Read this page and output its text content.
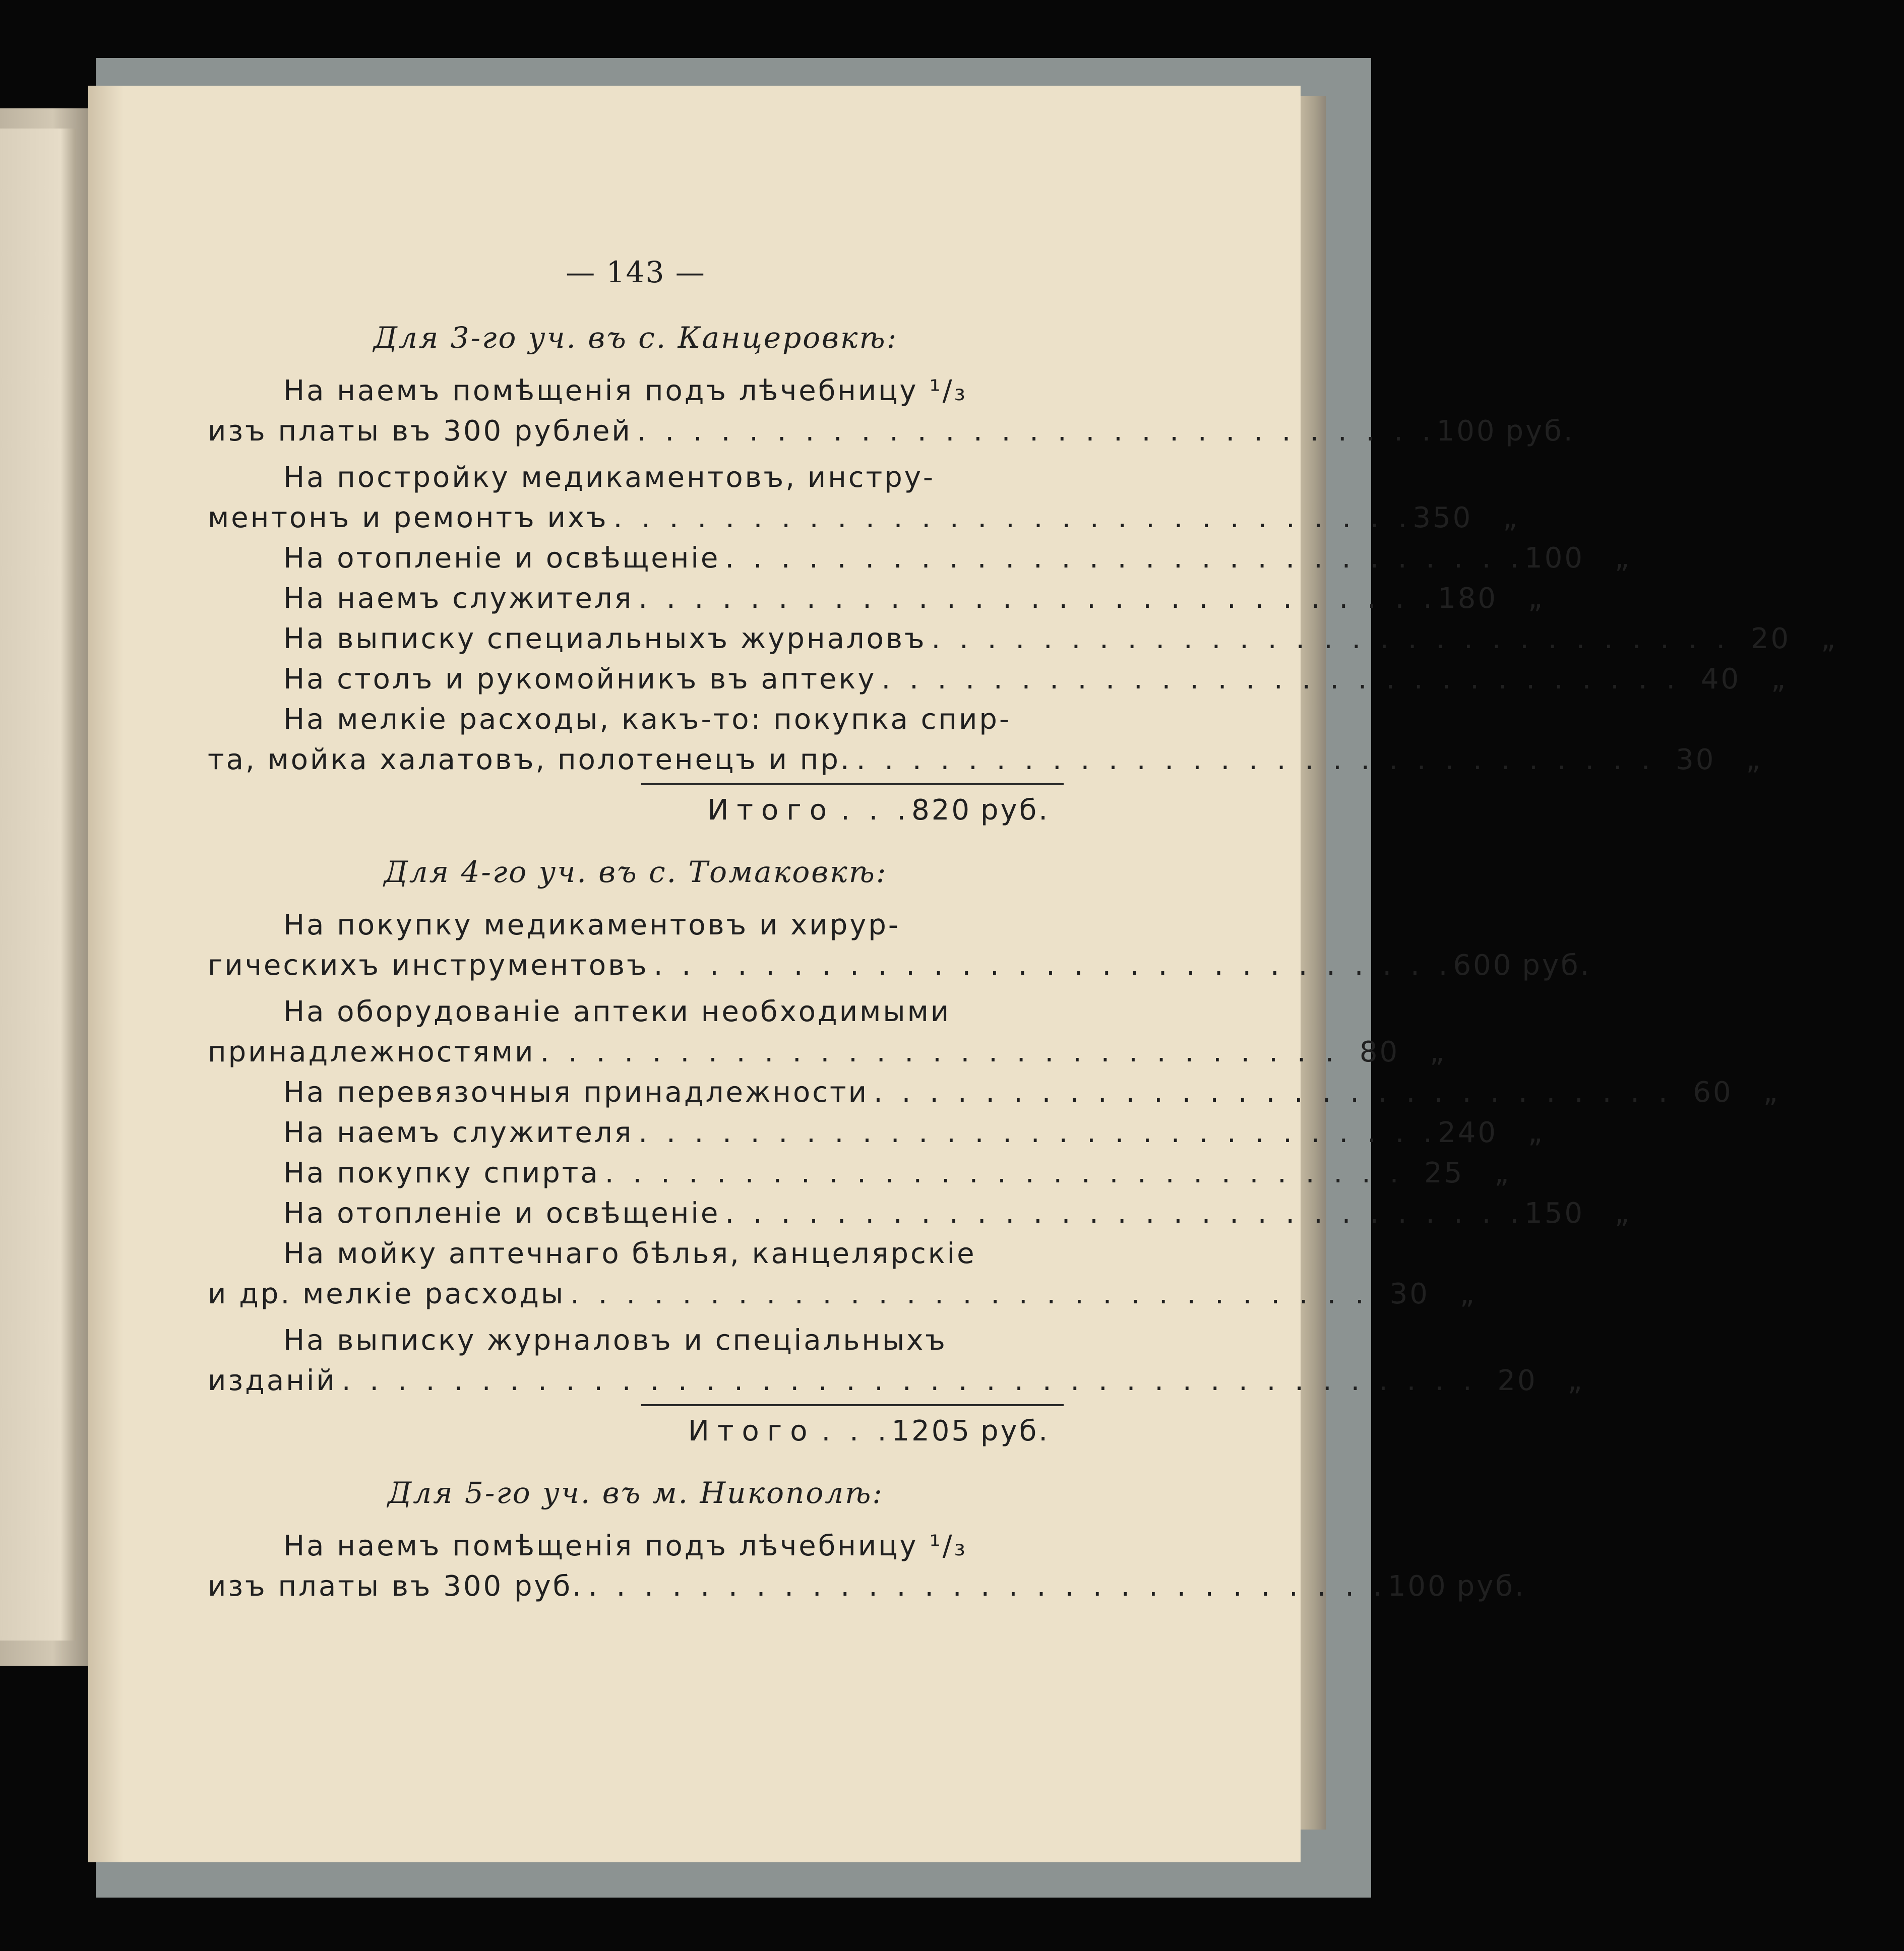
— 143 —
Для 3-го уч. въ с. Канцеровкѣ:
На наемъ помѣщенія подъ лѣчебницу ¹/₃
изъ платы въ 300 рублей . . . . . . . . . . . . . . . . . . . . . . . . . . . . . 100 руб.
На постройку медикаментовъ, инстру-
ментонъ и ремонтъ ихъ . . . . . . . . . . . . . . . . . . . . . . . . . . . . . 350	„
На отопленіе и освѣщеніе . . . . . . . . . . . . . . . . . . . . . . . . . . . . . 100	„
На наемъ служителя . . . . . . . . . . . . . . . . . . . . . . . . . . . . . 180	„
На выписку специальныхъ журналовъ . . . . . . . . . . . . . . . . . . . . . . . . . . . . . 20	„
На столъ и рукомойникъ въ аптеку . . . . . . . . . . . . . . . . . . . . . . . . . . . . . 40	„
На мелкіе расходы, какъ-то: покупка спир-
та, мойка халатовъ, полотенецъ и пр. . . . . . . . . . . . . . . . . . . . . . . . . . . . . . 30	„
Итого . . . 820 руб.
Для 4-го уч. въ с. Томаковкѣ:
На покупку медикаментовъ и хирур-
гическихъ инструментовъ . . . . . . . . . . . . . . . . . . . . . . . . . . . . . 600 руб.
На оборудованіе аптеки необходимыми
принадлежностями . . . . . . . . . . . . . . . . . . . . . . . . . . . . . 80	„
На перевязочныя принадлежности . . . . . . . . . . . . . . . . . . . . . . . . . . . . . 60	„
На наемъ служителя . . . . . . . . . . . . . . . . . . . . . . . . . . . . . 240	„
На покупку спирта . . . . . . . . . . . . . . . . . . . . . . . . . . . . . 25	„
На отопленіе и освѣщеніе . . . . . . . . . . . . . . . . . . . . . . . . . . . . . 150	„
На мойку аптечнаго бѣлья, канцелярскіе
и др. мелкіе расходы . . . . . . . . . . . . . . . . . . . . . . . . . . . . . 30	„
На выписку журналовъ и спеціальныхъ
изданій . . . . . . . . . . . . . . . . . . . . . . . . . . . . . . . . . . . . . . . . . 20	„
Итого . . . 1205 руб.
Для 5-го уч. въ м. Никополѣ:
На наемъ помѣщенія подъ лѣчебницу ¹/₃
изъ платы въ 300 руб. . . . . . . . . . . . . . . . . . . . . . . . . . . . . . 100 руб.
